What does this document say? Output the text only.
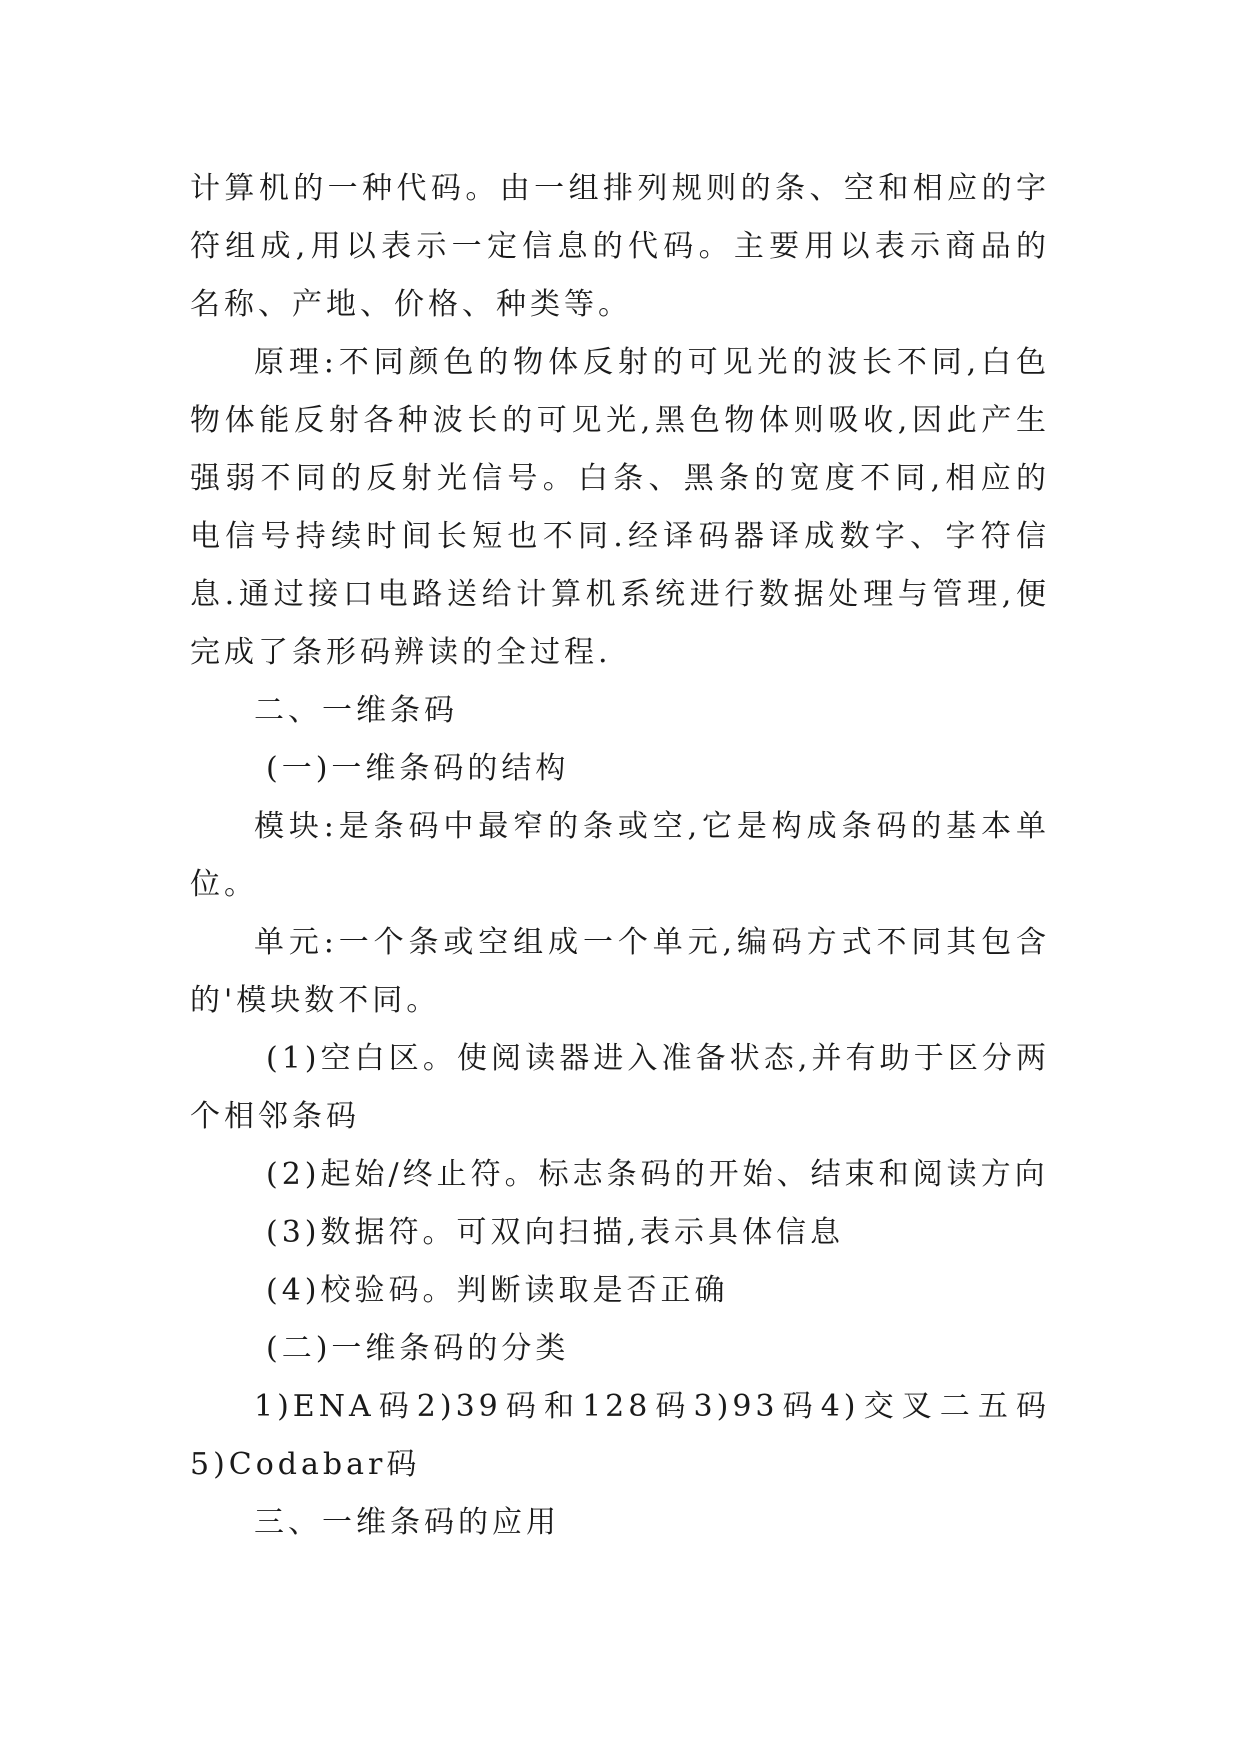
计算机的一种代码。由一组排列规则的条、空和相应的字符组成,用以表示一定信息的代码。主要用以表示商品的名称、产地、价格、种类等。

原理:不同颜色的物体反射的可见光的波长不同,白色物体能反射各种波长的可见光,黑色物体则吸收,因此产生强弱不同的反射光信号。白条、黑条的宽度不同,相应的电信号持续时间长短也不同.经译码器译成数字、字符信息.通过接口电路送给计算机系统进行数据处理与管理,便完成了条形码辨读的全过程.

二、一维条码

(一)一维条码的结构

模块:是条码中最窄的条或空,它是构成条码的基本单位。

单元:一个条或空组成一个单元,编码方式不同其包含的'模块数不同。

(1)空白区。使阅读器进入准备状态,并有助于区分两个相邻条码

(2)起始/终止符。标志条码的开始、结束和阅读方向

(3)数据符。可双向扫描,表示具体信息

(4)校验码。判断读取是否正确

(二)一维条码的分类

1)ENA码2)39码和128码3)93码4)交叉二五码5)Codabar码

三、一维条码的应用
